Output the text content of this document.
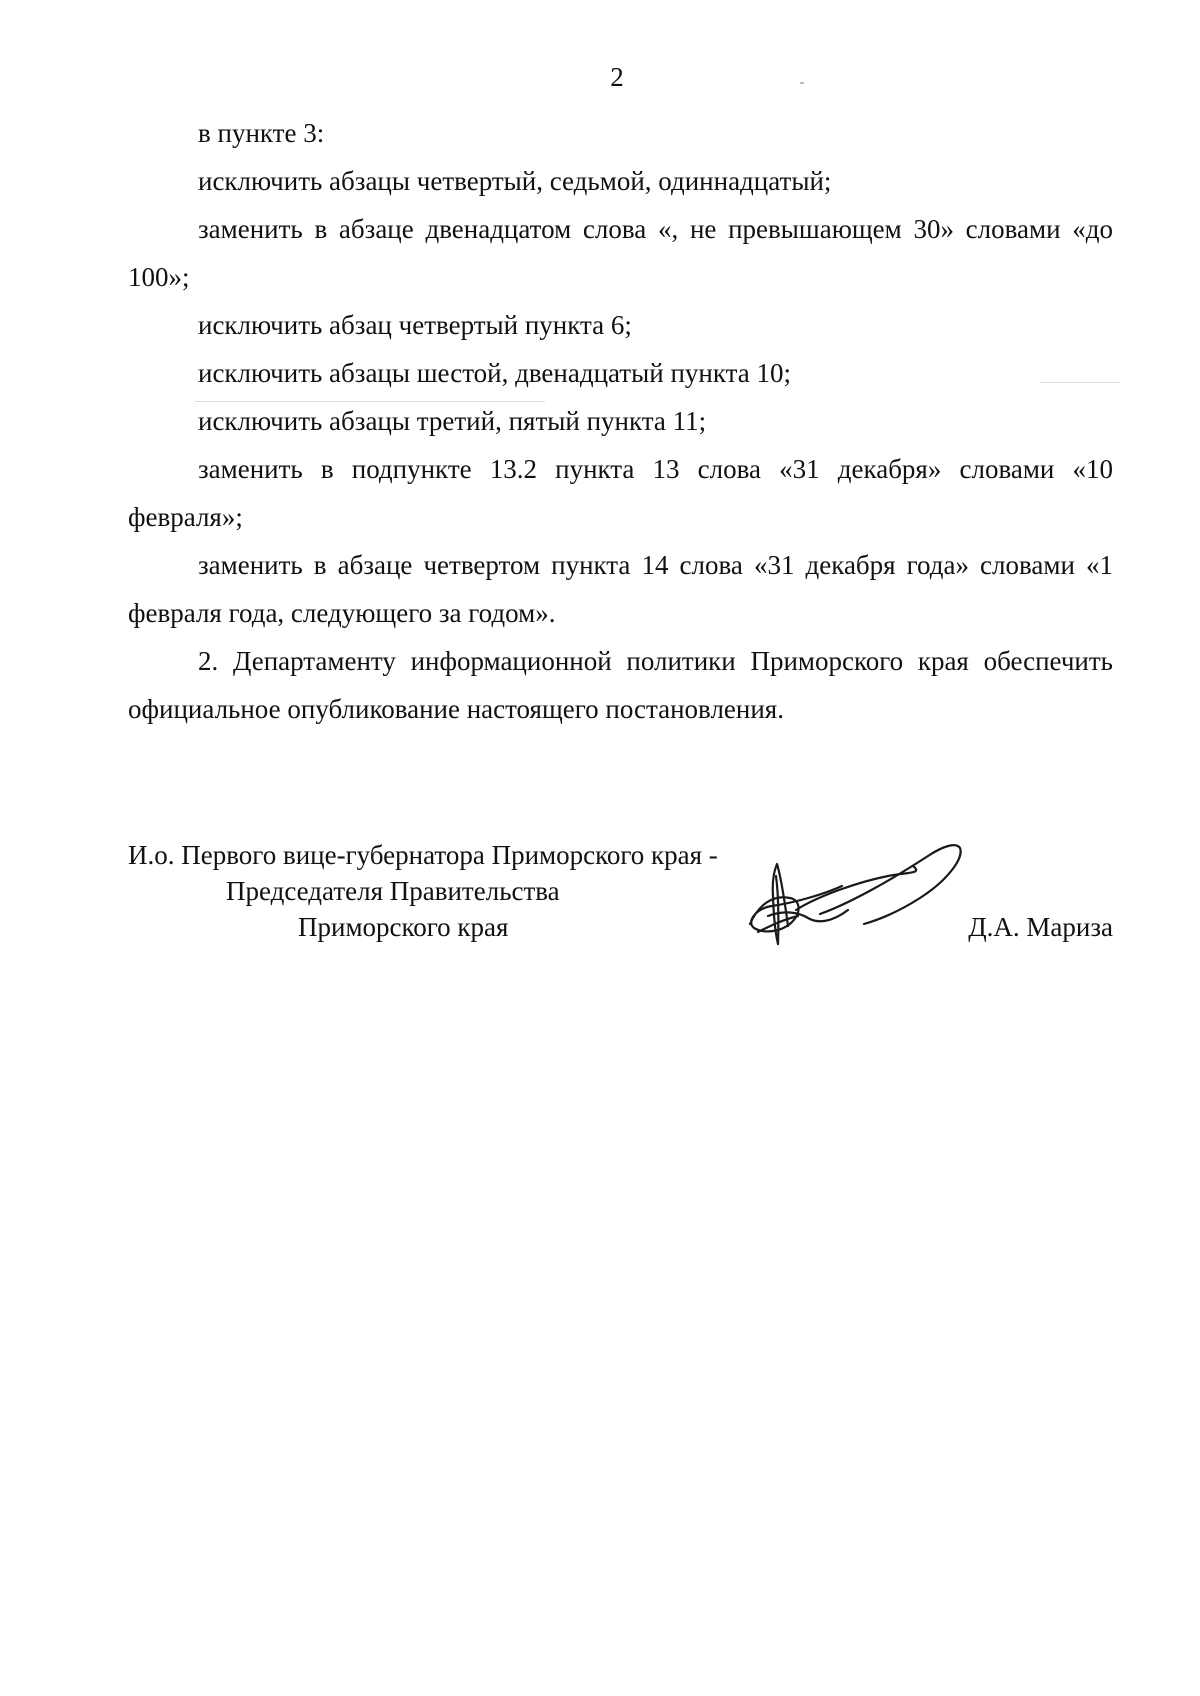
2

в пункте 3:

исключить абзацы четвертый, седьмой, одиннадцатый;

заменить в абзаце двенадцатом слова «, не превышающем 30» словами «до 100»;

исключить абзац четвертый пункта 6;

исключить абзацы шестой, двенадцатый пункта 10;

исключить абзацы третий, пятый пункта 11;

заменить в подпункте 13.2 пункта 13 слова «31 декабря» словами «10 февраля»;

заменить в абзаце четвертом пункта 14 слова «31 декабря года» словами «1 февраля года, следующего за годом».

2. Департаменту информационной политики Приморского края обеспечить официальное опубликование настоящего постановления.

И.о. Первого вице-губернатора Приморского края -
Председателя Правительства
Приморского края	Д.А. Мариза
